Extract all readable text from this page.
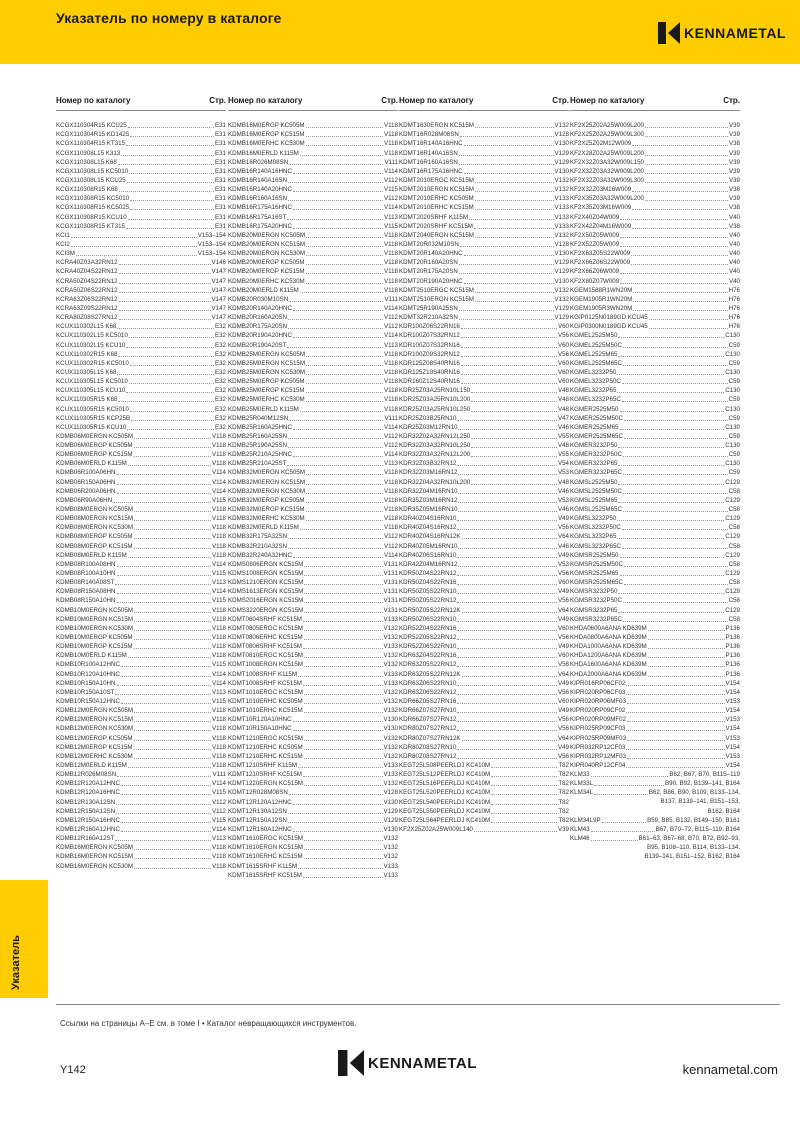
Указатель по номеру в каталоге
KENNAMETAL
Указатель
Номер по каталогу	Стр.
KCGX110304R15 KCU25	E31
KCGX110304R15 KD1425	E31
KCGX110304R15 KT315	E31
KCGX110308L15 K313	E31
KCGX110308L15 K68	E31
KCGX110308L15 KC5010	E31
KCGX110308L15 KCU25	E31
KCGX110308R15 K68	E31
KCGX110308R15 KC5010	E31
KCGX110308R15 KC5025	E31
KCGX110308R15 KCU10	E31
KCGX110308R15 KT315	E31
KCI1	V153–154
KCI2	V153–154
KCI3M	V153–154
KCRA40Z03A32RN12	V146
KCRA40Z04S22RN12	V147
KCRA50Z04S22RN12	V147
KCRA50Z06S22RN12	V147
KCRA63Z06S22RN12	V147
KCRA63Z09S22RN12	V147
KCRA80Z08S27RN12	V147
KCUX110302L15 K68	E32
KCUX110302L15 KC5010	E32
KCUX110302L15 KCU10	E32
KCUX110302R15 K68	E32
KCUX110302R15 KC5010	E32
KCUX110305L15 K68	E32
KCUX110305L15 KC5010	E32
KCUX110305L15 KCU10	E32
KCUX110305R15 K68	E32
KCUX110305R15 KC5010	E32
KCUX110305R15 KCP25B	E32
KCUX110305R15 KCU10	E32
KDMB06M0ERGN KC505M	V118
KDMB06M0ERGP KC505M	V118
KDMB06M0ERGP KC515M	V118
KDMB06M0ERLD K115M	V118
KDMB06R100A06HN	V114
KDMB06R150A06HN	V114
KDMB06R200A06HN	V114
KDMB06R90A06HN	V115
KDMB08M0ERGN KC505M	V118
KDMB08M0ERGN KC515M	V118
KDMB08M0ERGN KC530M	V118
KDMB08M0ERGP KC505M	V118
KDMB08M0ERGP KC515M	V118
KDMB08M0ERLD K115M	V118
KDMB08R100A08HN	V114
KDMB08R100A10HN	V115
KDMB08R140A08ST	V113
KDMB08R150A08HN	V114
KDMB08R150A10HN	V115
KDMB10M0ERGN KC505M	V118
KDMB10M0ERGN KC515M	V118
KDMB10M0ERGN KC530M	V118
KDMB10M0ERGP KC505M	V118
KDMB10M0ERGP KC515M	V118
KDMB10M0ERLD K115M	V118
KDMB10R100A12HNC	V115
KDMB10R120A10HNC	V114
KDMB10R150A10HN	V114
KDMB10R150A10ST	V113
KDMB10R150A12HNC	V115
KDMB12M0ERGN KC505M	V118
KDMB12M0ERGN KC515M	V118
KDMB12M0ERGN KC530M	V118
KDMB12M0ERGP KC505M	V118
KDMB12M0ERGP KC515M	V118
KDMB12M0ERHC KC530M	V118
KDMB12M0ERLD K115M	V118
KDMB12R026M08SN	V111
KDMB12R120A12HNC	V114
KDMB12R120A16HNC	V115
KDMB12R130A12SN	V112
KDMB12R150A12SN	V112
KDMB12R150A16HNC	V115
KDMB12R160A12HNC	V114
KDMB12R160A12ST	V113
KDMB16M0ERGN KC505M	V118
KDMB16M0ERGN KC515M	V118
KDMB16M0ERGN KC530M	V118
Номер по каталогу	Стр.
KDMB16M0ERGP KC505M	V118
KDMB16M0ERGP KC515M	V118
KDMB16M0ERHC KC530M	V118
KDMB16M0ERLD K115M	V118
KDMB16R026M08SN	V111
KDMB16R140A16HNC	V114
KDMB16R140A16SN	V112
KDMB16R140A20HNC	V115
KDMB16R160A16SN	V112
KDMB16R175A16HNC	V114
KDMB16R175A16ST	V113
KDMB16R175A20HNC	V115
KDMB20M0ERGN KC505M	V118
KDMB20M0ERGN KC515M	V118
KDMB20M0ERGN KC530M	V118
KDMB20M0ERGP KC505M	V118
KDMB20M0ERGP KC515M	V118
KDMB20M0ERHC KC530M	V118
KDMB20M0ERLD K115M	V118
KDMB20R030M10SN	V111
KDMB20R140A20HNC	V114
KDMB20R160A20SN	V112
KDMB20R175A20SN	V112
KDMB20R190A20HNC	V114
KDMB20R190A20ST	V113
KDMB25M0ERGN KC505M	V118
KDMB25M0ERGN KC515M	V118
KDMB25M0ERGN KC530M	V118
KDMB25M0ERGP KC505M	V118
KDMB25M0ERGP KC515M	V118
KDMB25M0ERHC KC530M	V118
KDMB25M0ERLD K115M	V118
KDMB25R040M12SN	V111
KDMB25R160A25HNC	V114
KDMB25R160A25SN	V112
KDMB25R190A25SN	V112
KDMB25R210A25HNC	V114
KDMB25R210A25ST	V113
KDMB32M0ERGN KC505M	V118
KDMB32M0ERGN KC515M	V118
KDMB32M0ERGN KC530M	V118
KDMB32M0ERGP KC505M	V118
KDMB32M0ERGP KC515M	V118
KDMB32M0ERHC KC530M	V118
KDMB32M0ERLD K115M	V118
KDMB32R175A32SN	V112
KDMB32R210A32SN	V112
KDMB32R240A32HNC	V114
KDMS0806ERGN KC515M	V131
KDMS1008ERGN KC515M	V131
KDMS1210ERGN KC515M	V131
KDMS1613ERGN KC515M	V131
KDMS2016ERGN KC515M	V131
KDMS3220ERGN KC515M	V131
KDMT0604SRHF KC515M	V133
KDMT0805ERGC KC515M	V132
KDMT0806ERHC KC515M	V132
KDMT0806SRHF KC515M	V133
KDMT0810ERGC KC515M	V132
KDMT1008ERGN KC515M	V132
KDMT1008SRHF K115M	V133
KDMT1008SRHF KC515M	V133
KDMT1010ERGC KC515M	V132
KDMT1010ERHC KC505M	V132
KDMT1010ERHC KC515M	V132
KDMT10R120A10HNC	V130
KDMT10R150A10HNC	V130
KDMT1210ERGC KC515M	V132
KDMT1210ERHC KC505M	V132
KDMT1210ERHC KC515M	V132
KDMT1210SRHF K115M	V133
KDMT1210SRHF KC515M	V133
KDMT1220ERGN KC515M	V132
KDMT12R028M08SN	V128
KDMT12R120A12HNC	V130
KDMT12R130A12SN	V129
KDMT12R150A12SN	V129
KDMT12R160A12HNC	V130
KDMT1610ERGC KC515M	V132
KDMT1610ERGN KC515M	V132
KDMT1610ERHC KC515M	V132
KDMT1615SRHF K115M	V133
KDMT1615SRHF KC515M	V133
Номер по каталогу	Стр.
KDMT1630ERGN KC515M	V132
KDMT16R028M08SN	V128
KDMT16R140A16HNC	V130
KDMT16R140A16SN	V129
KDMT16R160A16SN	V129
KDMT16R175A16HNC	V130
KDMT2010ERGC KC515M	V132
KDMT2010ERGN KC515M	V132
KDMT2010ERHC KC505M	V133
KDMT2010ERHC KC515M	V133
KDMT2020SRHF K115M	V133
KDMT2020SRHF KC515M	V133
KDMT2040ERGN KC515M	V132
KDMT20R032M10SN	V128
KDMT20R140A20HNC	V130
KDMT20R160A20SN	V129
KDMT20R175A20SN	V129
KDMT20R190A20HNC	V130
KDMT2510ERGC KC515M	V132
KDMT2510ERGN KC515M	V132
KDMT25R190A25SN	V129
KDMT32R210A32SN	V129
KDR100Z06S22RN16	V60
KDR100Z07S32RN12	V56
KDR100Z07S32RN16	V60
KDR100Z09S32RN12	V56
KDR125Z08S40RN16	V60
KDR125Z10S40RN16	V60
KDR160Z12S40RN16	V60
KDR25Z03A25RN10L150	V48
KDR25Z03A25RN10L200	V48
KDR25Z03A25RN10L250	V48
KDR25Z03B25RN10	V47
KDR25Z03M12RN10	V46
KDR32Z02A32RN12L250	V55
KDR32Z03A32RN10L250	V48
KDR32Z03A32RN12L200	V55
KDR32Z03B32RN12	V54
KDR32Z03M16RN12	V53
KDR32Z04A32RN10L200	V48
KDR32Z04M16RN10	V46
KDR35Z03M16RN12	V53
KDR35Z05M16RN10	V46
KDR40Z04S16RN10	V49
KDR40Z04S16RN12	V56
KDR40Z04S16RN12K	V64
KDR40Z05M16RN10	V46
KDR40Z06S16RN10	V49
KDR42Z04M16RN12	V53
KDR50Z04S22RN12	V56
KDR50Z04S22RN16	V60
KDR50Z05S22RN10	V49
KDR50Z05S22RN12	V56
KDR50Z05S22RN12K	V64
KDR50Z06S22RN10	V49
KDR52Z04S22RN16	V60
KDR52Z05S22RN12	V56
KDR52Z06S22RN10	V49
KDR63Z04S22RN16	V60
KDR63Z05S22RN12	V56
KDR63Z05S22RN12K	V64
KDR63Z06S22RN10	V49
KDR63Z06S22RN12	V56
KDR66Z05S27RN16	V60
KDR66Z07S27RN10	V49
KDR66Z07S27RN12	V56
KDR80Z07S27RN12	V56
KDR80Z07S27RN12K	V64
KDR80Z08S27RN10	V49
KDR80Z08S27RN12	V56
KEGT25L508PEERLDJ KC410M	T82
KEGT25L512PEERLDJ KC410M	T82
KEGT25L516PEERLDJ KC410M	T82
KEGT25L520PEERLDJ KC410M	T82
KEGT25L540PEERLDJ KC410M	T82
KEGT25L550PEERLDJ KC410M	T82
KEGT25L564PEERLDJ KC410M	T82
KF2X25Z02A25W009L140	V39
Номер по каталогу	Стр.
KF2X25Z02A25W009L200	V39
KF2X25Z02A25W009L300	V39
KF2X25Z02M12W009	V38
KF2X28Z02A25W009L200	V39
KF2X32Z03A32W009L150	V39
KF2X32Z03A32W009L200	V39
KF2X32Z03A32W009L300	V39
KF2X32Z03M16W009	V38
KF2X35Z03A32W009L200	V39
KF2X35Z03M16W009	V38
KF2X40Z04W009	V40
KF2X42Z04M16W009	V38
KF2X50Z05W009	V40
KF2X52Z05W009	V40
KF2X63Z05S22W009	V40
KF2X66Z06S22W009	V40
KF2X66Z06W009	V40
KF2X80Z07W009	V40
KGEM1588R1WN20M	H76
KGEM1905R1WN20M	H76
KGEM1905R3WN20M	H76
KGIP0125N0189GD KCU45	H76
KGIP0300N0189GD KCU45	H76
KGMEL2525M50	C130
KGMEL2525M50C	C59
KGMEL2525M65	C130
KGMEL2525M65C	C59
KGMEL3232P50	C130
KGMEL3232P50C	C59
KGMEL3232P65	C130
KGMEL3232P65C	C59
KGMER2525M50	C130
KGMER2525M50C	C59
KGMER2525M65	C130
KGMER2525M65C	C59
KGMER3232P50	C130
KGMER3232P50C	C59
KGMER3232P65	C130
KGMER3232P65C	C59
KGMSL2525M50	C129
KGMSL2525M50C	C58
KGMSL2525M65	C129
KGMSL2525M65C	C58
KGMSL3232P50	C129
KGMSL3232P50C	C58
KGMSL3232P65	C129
KGMSL3232P65C	C58
KGMSR2525M50	C129
KGMSR2525M50C	C58
KGMSR2525M65	C129
KGMSR2525M65C	C58
KGMSR3232P50	C129
KGMSR3232P50C	C58
KGMSR3232P65	C129
KGMSR3232P65C	C58
KHDA0600A6ANA KD639M	P136
KHDA0800A6ANA KD639M	P136
KHDA1000A6ANA KD639M	P136
KHDA1200A6ANA KD639M	P136
KHDA1600A6ANA KD639M	P136
KHDA2000A6ANA KD639M	P136
KIPR016RP06CF02	V154
KIPR020RP06CF03	V154
KIPR020RP06MF03	V153
KIPR020RP09CF02	V154
KIPR020RP09MF02	V153
KIPR025RP09CF03	V154
KIPR025RP09MF03	V153
KIPR032RP12CF03	V154
KIPR032RP12MF03	V153
KIPR040RP12CF04	V154
KLM33	B62, B67, B70, B115–119
KLM33L	B90, B92, B139–141, B164
KLM34L	B62, B86, B90, B109, B133–134,
B137, B139–141, B151–153,
B162, B164
KLM34L9P	B59, B85, B132, B149–150, B161
KLM43	B67, B70–72, B115–119, B164
KLM46	B61–63, B67–68, B70, B72, B92–93,
B95, B108–110, B114, B133–134,
B139–141, B151–152, B162, B164
Ссылки на страницы A–E см. в томе I • Каталог невращающихся инструментов.
Y142	KENNAMETAL	kennametal.com
